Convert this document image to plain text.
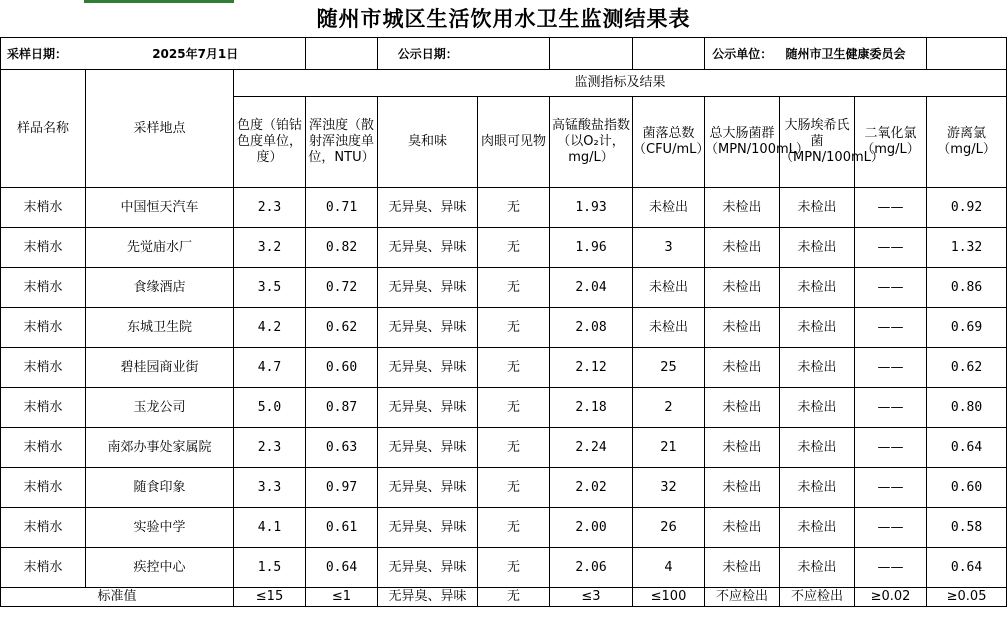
随州市城区生活饮用水卫生监测结果表											
采样日期：	2025年7月1日			公示日期：				公示单位：	随州市卫生健康委员会		
样品名称	采样地点	监测指标及结果									
		色度（铂钴色度单位，度）	浑浊度（散射浑浊度单位，NTU）	臭和味	肉眼可见物	高锰酸盐指数（以O₂计，mg/L）	菌落总数（CFU/mL）	总大肠菌群（MPN/100mL）	大肠埃希氏菌（MPN/100mL）	二氧化氯（mg/L）	游离氯（mg/L）
末梢水	中国恒天汽车	2.3	0.71	无异臭、异味	无	1.93	未检出	未检出	未检出	——	0.92
末梢水	先觉庙水厂	3.2	0.82	无异臭、异味	无	1.96	3	未检出	未检出	——	1.32
末梢水	食缘酒店	3.5	0.72	无异臭、异味	无	2.04	未检出	未检出	未检出	——	0.86
末梢水	东城卫生院	4.2	0.62	无异臭、异味	无	2.08	未检出	未检出	未检出	——	0.69
末梢水	碧桂园商业街	4.7	0.60	无异臭、异味	无	2.12	25	未检出	未检出	——	0.62
末梢水	玉龙公司	5.0	0.87	无异臭、异味	无	2.18	2	未检出	未检出	——	0.80
末梢水	南郊办事处家属院	2.3	0.63	无异臭、异味	无	2.24	21	未检出	未检出	——	0.64
末梢水	随食印象	3.3	0.97	无异臭、异味	无	2.02	32	未检出	未检出	——	0.60
末梢水	实验中学	4.1	0.61	无异臭、异味	无	2.00	26	未检出	未检出	——	0.58
末梢水	疾控中心	1.5	0.64	无异臭、异味	无	2.06	4	未检出	未检出	——	0.64
标准值		≤15	≤1	无异臭、异味	无	≤3	≤100	不应检出	不应检出	≥0.02	≥0.05
